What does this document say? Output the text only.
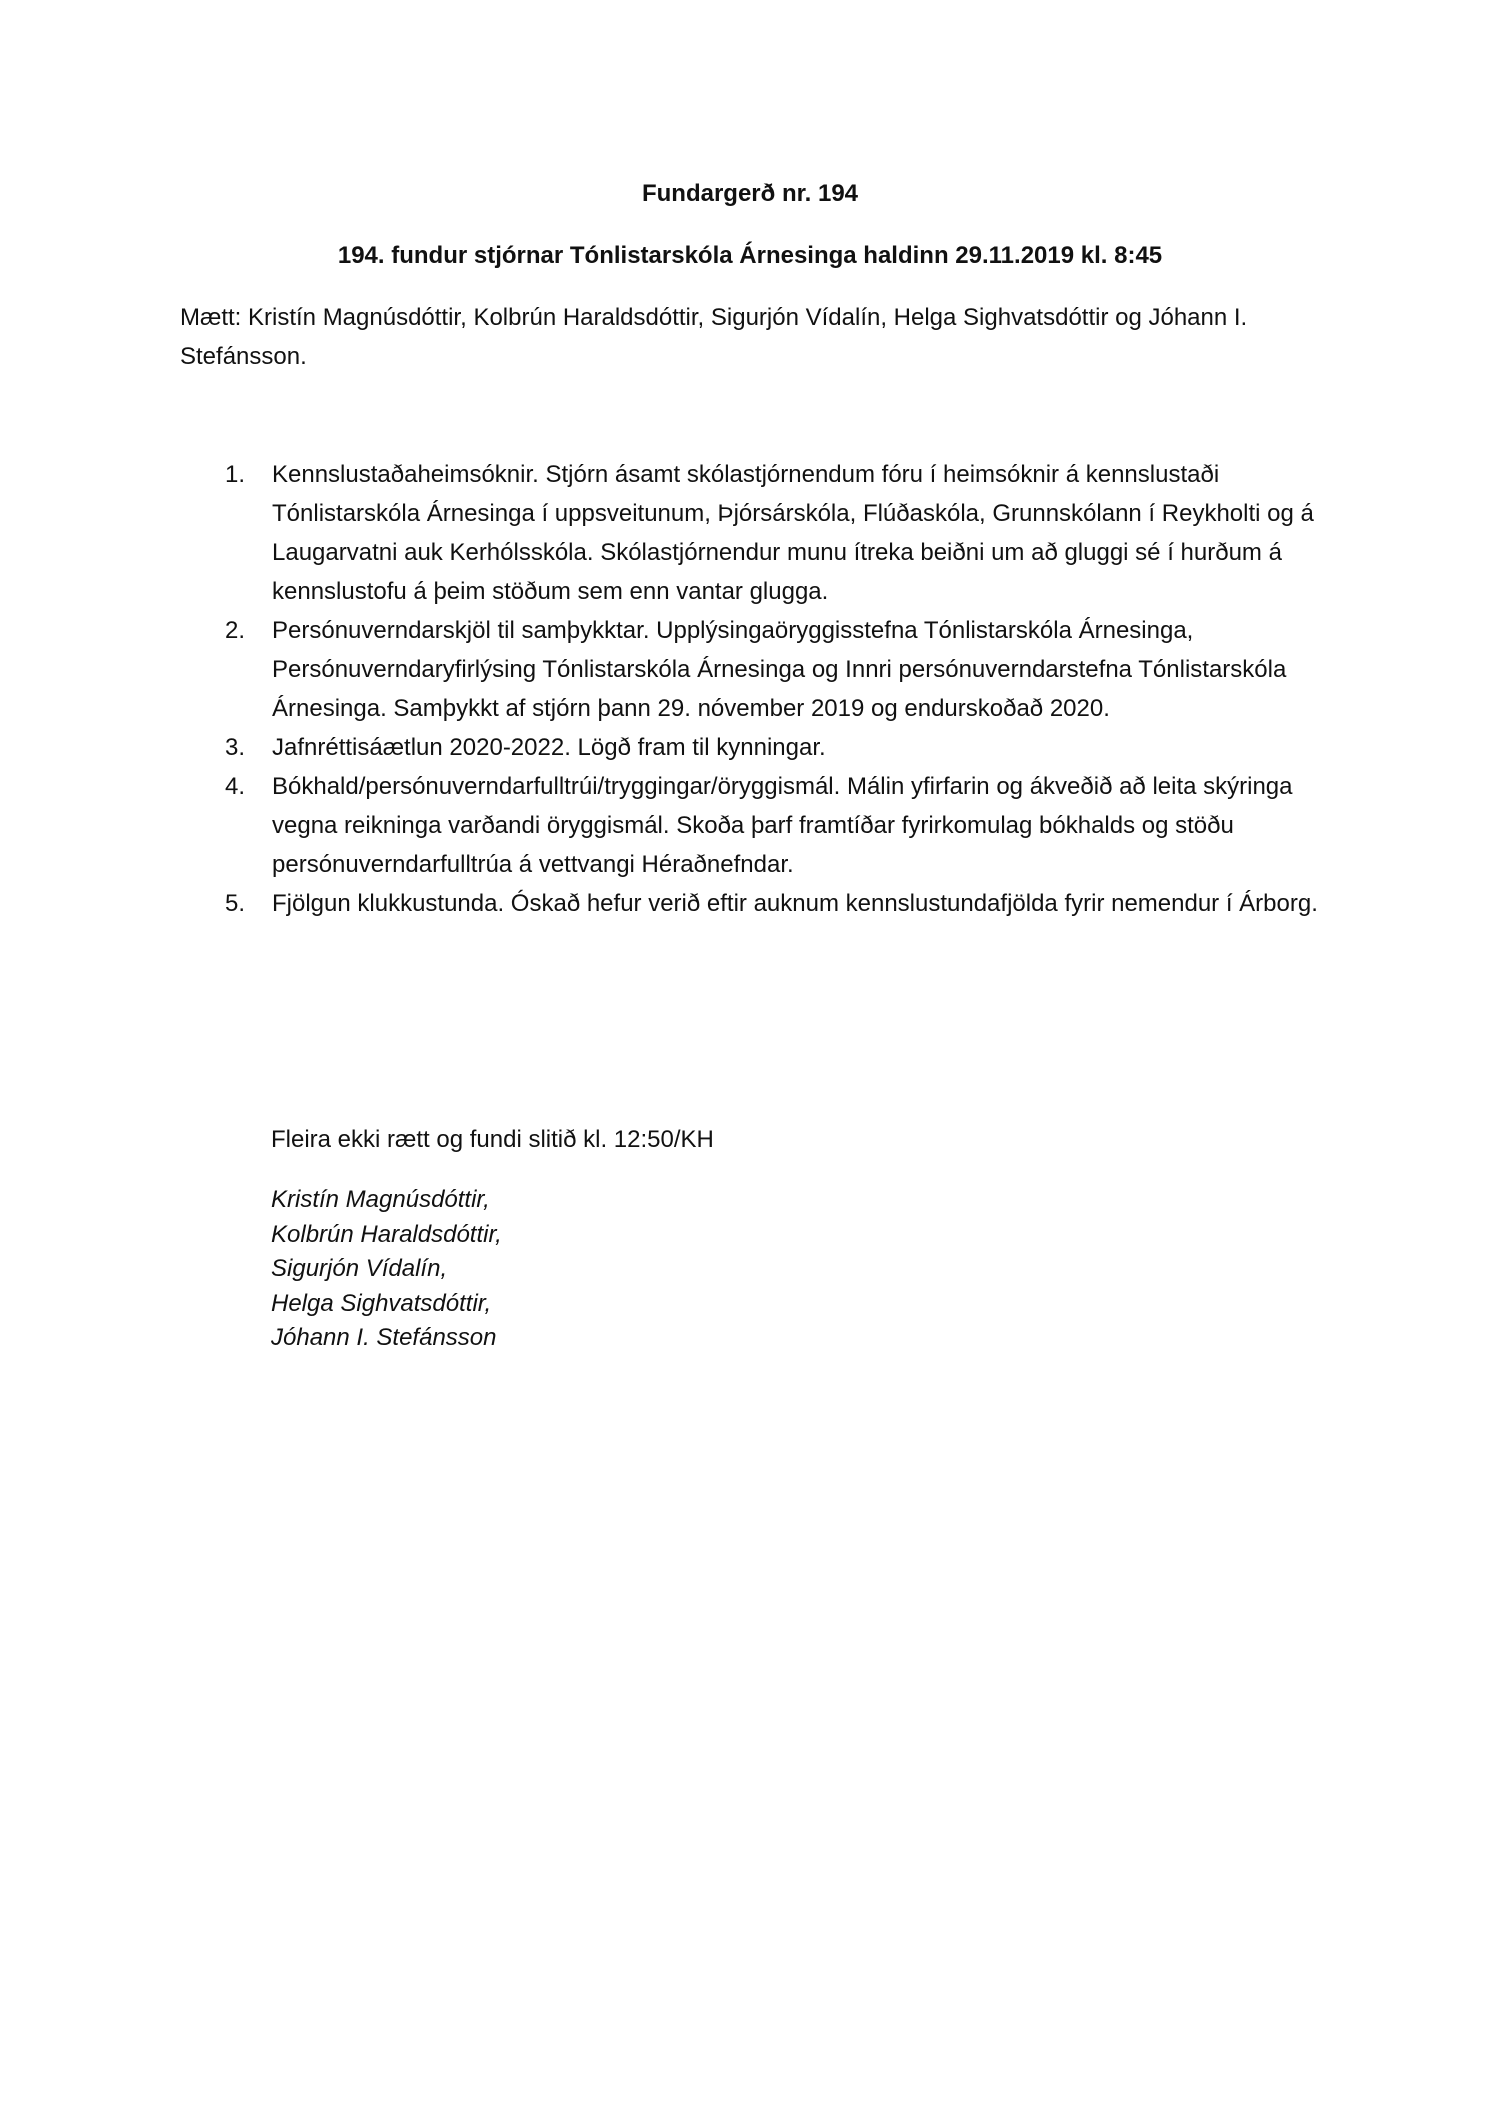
Fundargerð nr. 194
194. fundur stjórnar Tónlistarskóla Árnesinga haldinn 29.11.2019 kl. 8:45
Mætt: Kristín Magnúsdóttir, Kolbrún Haraldsdóttir, Sigurjón Vídalín, Helga Sighvatsdóttir og Jóhann I. Stefánsson.
1. Kennslustaðaheimsóknir. Stjórn ásamt skólastjórnendum fóru í heimsóknir á kennslustaði Tónlistarskóla Árnesinga í uppsveitunum, Þjórsárskóla, Flúðaskóla, Grunnskólann í Reykholti og á Laugarvatni auk Kerhólsskóla. Skólastjórnendur munu ítreka beiðni um að gluggi sé í hurðum á kennslustofu á þeim stöðum sem enn vantar glugga.
2. Persónuverndarskjöl til samþykktar. Upplýsingaöryggisstefna Tónlistarskóla Árnesinga, Persónuverndaryfirlýsing Tónlistarskóla Árnesinga og Innri persónuverndarstefna Tónlistarskóla Árnesinga. Samþykkt af stjórn þann 29. nóvember 2019 og endurskoðað 2020.
3. Jafnréttisáætlun 2020-2022. Lögð fram til kynningar.
4. Bókhald/persónuverndarfulltrúi/tryggingar/öryggismál. Málin yfirfarin og ákveðið að leita skýringa vegna reikninga varðandi öryggismál. Skoða þarf framtíðar fyrirkomulag bókhalds og stöðu persónuverndarfulltrúa á vettvangi Héraðnefndar.
5. Fjölgun klukkustunda. Óskað hefur verið eftir auknum kennslustundafjölda fyrir nemendur í Árborg.
Fleira ekki rætt og fundi slitið kl. 12:50/KH
Kristín Magnúsdóttir,
Kolbrún Haraldsdóttir,
Sigurjón Vídalín,
Helga Sighvatsdóttir,
Jóhann I. Stefánsson
